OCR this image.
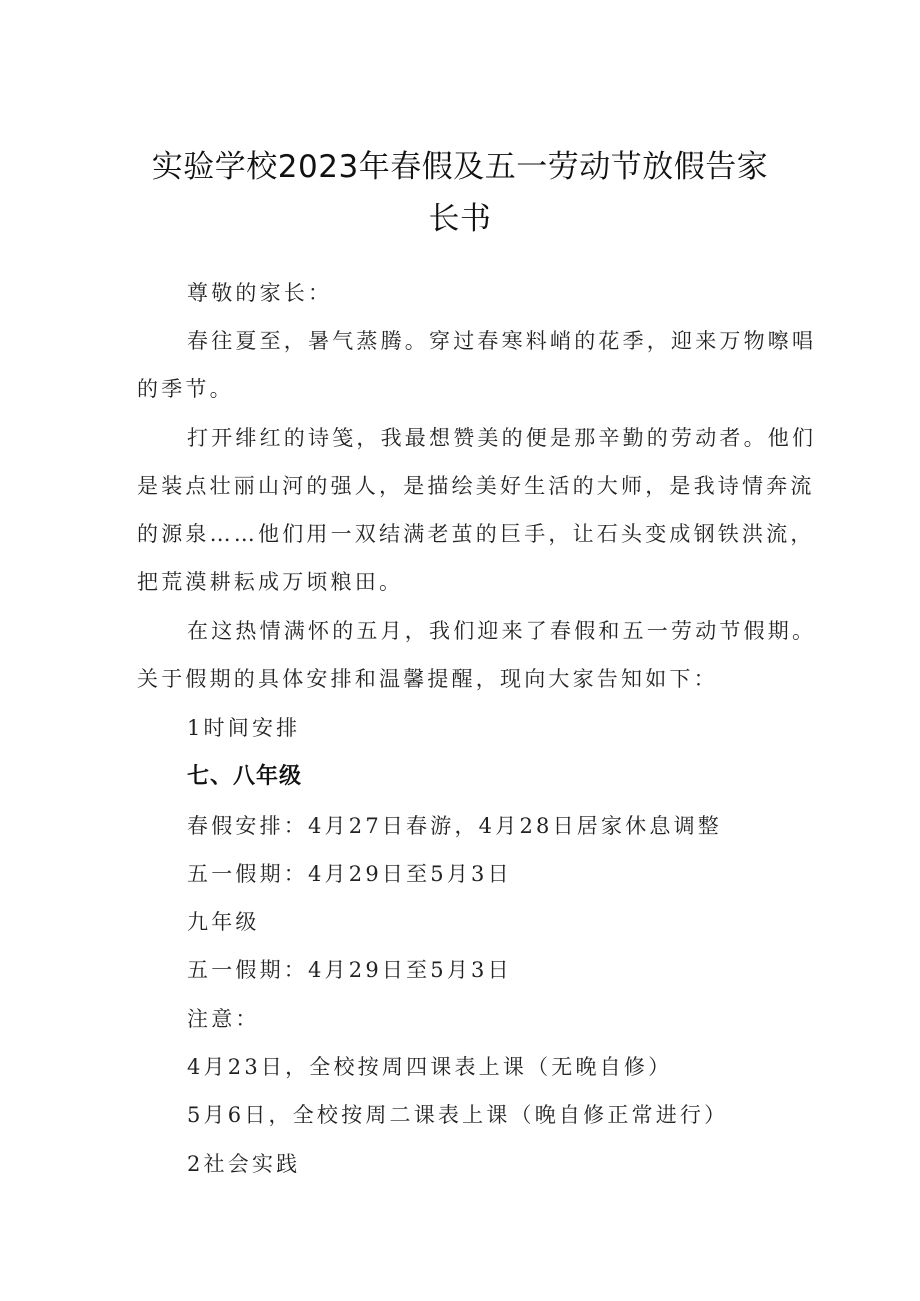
实验学校2023年春假及五一劳动节放假告家
长书
尊敬的家长：
春往夏至，暑气蒸腾。穿过春寒料峭的花季，迎来万物嚓唱
的季节。
打开绯红的诗笺，我最想赞美的便是那辛勤的劳动者。他们
是装点壮丽山河的强人，是描绘美好生活的大师，是我诗情奔流
的源泉……他们用一双结满老茧的巨手，让石头变成钢铁洪流，
把荒漠耕耘成万顷粮田。
在这热情满怀的五月，我们迎来了春假和五一劳动节假期。
关于假期的具体安排和温馨提醒，现向大家告知如下：
1时间安排
七、八年级
春假安排：4月27日春游，4月28日居家休息调整
五一假期：4月29日至5月3日
九年级
五一假期：4月29日至5月3日
注意：
4月23日，全校按周四课表上课（无晚自修）
5月6日，全校按周二课表上课（晚自修正常进行）
2社会实践
